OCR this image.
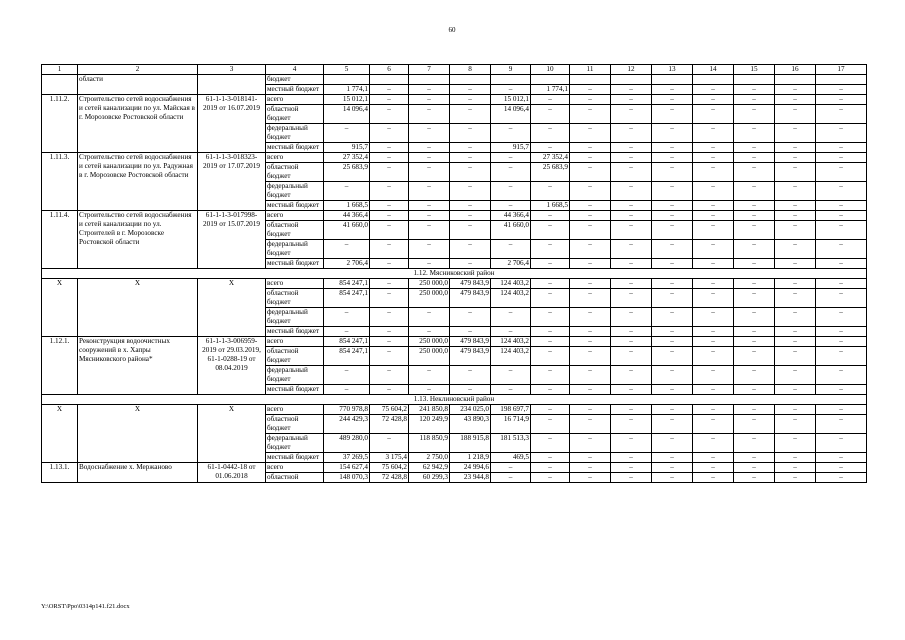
60
1	2	3	4	5	6	7	8	9	10	11	12	13	14	15	16	17
	области		бюджет													
			местный бюджет	1 774,1	–	–	–	–	1 774,1	–	–	–	–	–	–	–
1.11.2.	Строительство сетей водоснабжения и сетей канализации по ул. Майская в г. Морозовске Ростовской области	61-1-1-3-018141-2019 от 16.07.2019	всего	15 012,1	–	–	–	15 012,1	–	–	–	–	–	–	–	–
			областной бюджет	14 096,4	–	–	–	14 096,4	–	–	–	–	–	–	–	–
			федеральный бюджет	–	–	–	–	–	–	–	–	–	–	–	–	–
			местный бюджет	915,7	–	–	–	915,7	–	–	–	–	–	–	–	–
1.11.3.	Строительство сетей водоснабжения и сетей канализации по ул. Радужная в г. Морозовске Ростовской области	61-1-1-3-018323-2019 от 17.07.2019	всего	27 352,4	–	–	–	–	27 352,4	–	–	–	–	–	–	–
			областной бюджет	25 683,9	–	–	–	–	25 683,9	–	–	–	–	–	–	–
			федеральный бюджет	–	–	–	–	–	–	–	–	–	–	–	–	–
			местный бюджет	1 668,5	–	–	–	–	1 668,5	–	–	–	–	–	–	–
1.11.4.	Строительство сетей водоснабжения и сетей канализации по ул. Строителей в г. Морозовске Ростовской области	61-1-1-3-017998-2019 от 15.07.2019	всего	44 366,4	–	–	–	44 366,4	–	–	–	–	–	–	–	–
			областной бюджет	41 660,0	–	–	–	41 660,0	–	–	–	–	–	–	–	–
			федеральный бюджет	–	–	–	–	–	–	–	–	–	–	–	–	–
			местный бюджет	2 706,4	–	–	–	2 706,4	–	–	–	–	–	–	–	–
1.12. Мясниковский район																
X	X	X	всего	854 247,1	–	250 000,0	479 843,9	124 403,2	–	–	–	–	–	–	–	–
			областной бюджет	854 247,1	–	250 000,0	479 843,9	124 403,2	–	–	–	–	–	–	–	–
			федеральный бюджет	–	–	–	–	–	–	–	–	–	–	–	–	–
			местный бюджет	–	–	–	–	–	–	–	–	–	–	–	–	–
1.12.1.	Реконструкция водоочистных сооружений в х. Хапры Мясниковского района*	61-1-1-3-006959-2019 от 29.03.2019, 61-1-0288-19 от 08.04.2019	всего	854 247,1	–	250 000,0	479 843,9	124 403,2	–	–	–	–	–	–	–	–
			областной бюджет	854 247,1	–	250 000,0	479 843,9	124 403,2	–	–	–	–	–	–	–	–
			федеральный бюджет	–	–	–	–	–	–	–	–	–	–	–	–	–
			местный бюджет	–	–	–	–	–	–	–	–	–	–	–	–	–
1.13. Неклиновский район																
X	X	X	всего	770 978,8	75 604,2	241 850,8	234 025,0	198 697,7	–	–	–	–	–	–	–	–
			областной бюджет	244 429,3	72 428,8	120 249,9	43 890,3	16 714,9	–	–	–	–	–	–	–	–
			федеральный бюджет	489 280,0	–	118 850,9	188 915,8	181 513,3	–	–	–	–	–	–	–	–
			местный бюджет	37 269,5	3 175,4	2 750,0	1 218,9	469,5	–	–	–	–	–	–	–	–
1.13.1.	Водоснабжение х. Мержаново	61-1-0442-18 от 01.06.2018	всего	154 627,4	75 604,2	62 942,9	24 994,6	–	–	–	–	–	–	–	–	–
			областной	148 070,3	72 428,8	60 299,3	23 944,8	–	–	–	–	–	–	–	–	–
Y:\ORST\Ppo\0314p141.f21.docx
